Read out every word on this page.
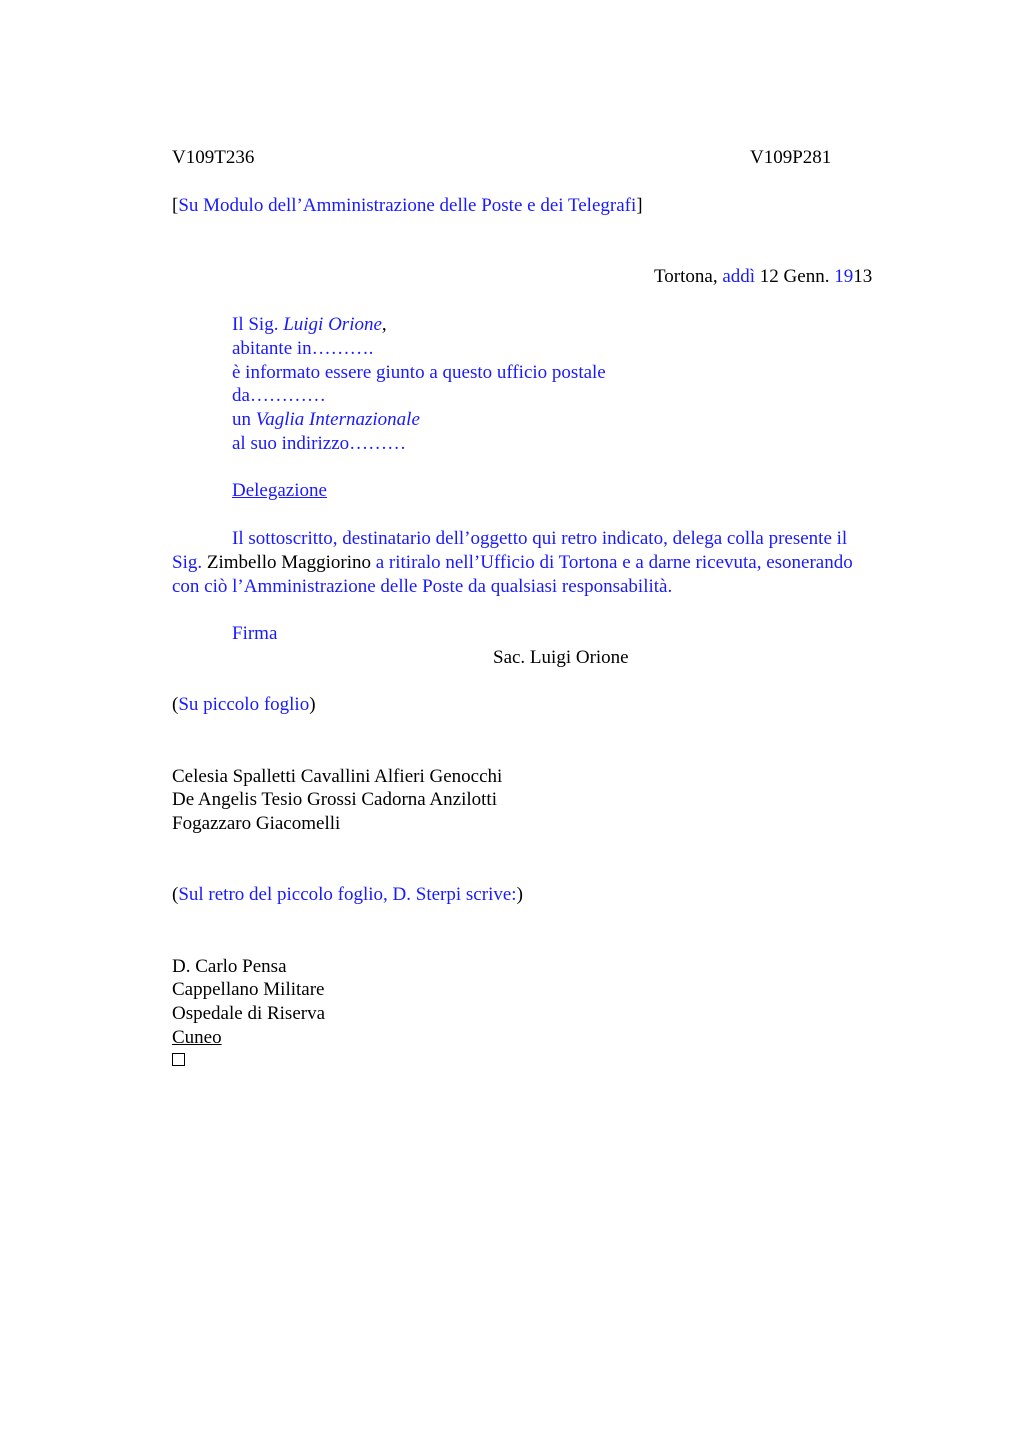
V109T236	V109P281
[Su Modulo dell’Amministrazione delle Poste e dei Telegrafi]
Tortona, addì 12 Genn. 1913
Il Sig. Luigi Orione,
abitante in……….
è informato essere giunto a questo ufficio postale
da…………
un Vaglia Internazionale
al suo indirizzo………
Delegazione
Il sottoscritto, destinatario dell’oggetto qui retro indicato, delega colla presente il
Sig. Zimbello Maggiorino a ritiralo nell’Ufficio di Tortona e a darne ricevuta, esonerando
con ciò l’Amministrazione delle Poste da qualsiasi responsabilità.
Firma
Sac. Luigi Orione
(Su piccolo foglio)
Celesia Spalletti Cavallini Alfieri Genocchi
De Angelis Tesio Grossi Cadorna Anzilotti
Fogazzaro Giacomelli
(Sul retro del piccolo foglio, D. Sterpi scrive:)
D. Carlo Pensa
Cappellano Militare
Ospedale di Riserva
Cuneo
